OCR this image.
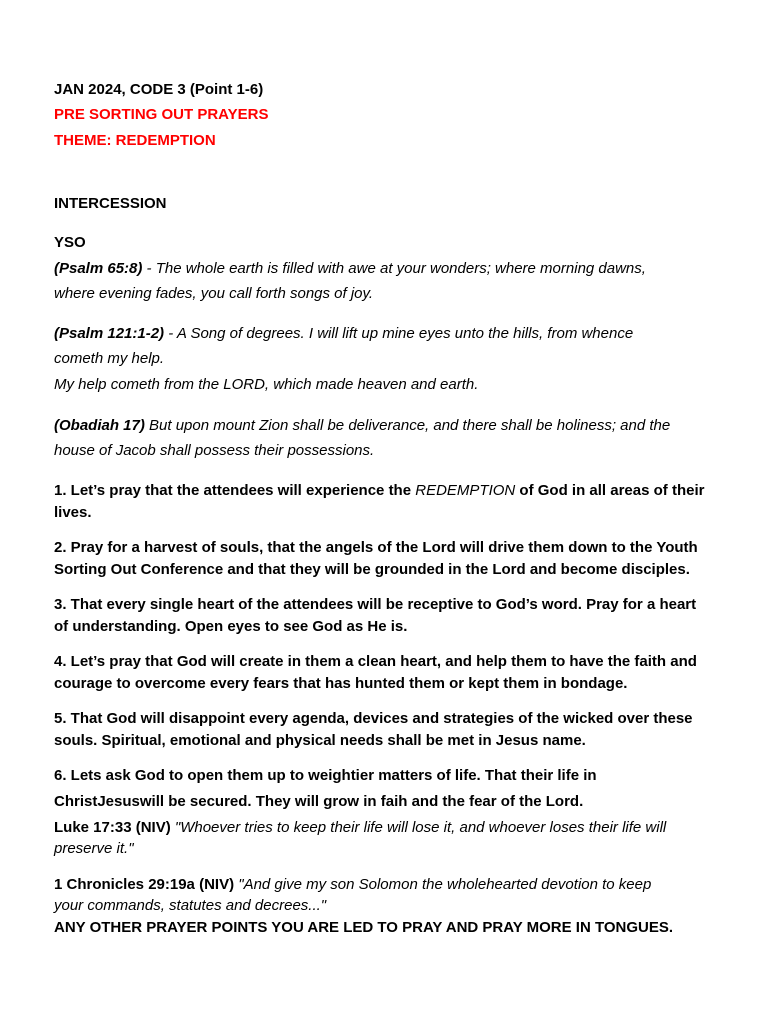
JAN 2024, CODE 3 (Point 1-6)
PRE SORTING OUT PRAYERS
THEME: REDEMPTION
INTERCESSION
YSO
(Psalm 65:8) - The whole earth is filled with awe at your wonders; where morning dawns,
where evening fades, you call forth songs of joy.
(Psalm 121:1-2) - A Song of degrees. I will lift up mine eyes unto the hills, from whence
cometh my help.
My help cometh from the LORD, which made heaven and earth.
(Obadiah 17) But upon mount Zion shall be deliverance, and there shall be holiness; and the
house of Jacob shall possess their possessions.
1. Let’s pray that the attendees will experience the REDEMPTION of God in all areas of their
lives.
2. Pray for a harvest of souls, that the angels of the Lord will drive them down to the Youth
Sorting Out Conference and that they will be grounded in the Lord and become disciples.
3. That every single heart of the attendees will be receptive to God’s word. Pray for a heart
of understanding. Open eyes to see God as He is.
4. Let’s pray that God will create in them a clean heart, and help them to have the faith and
courage to overcome every fears that has hunted them or kept them in bondage.
5. That God will disappoint every agenda, devices and strategies of the wicked over these
souls. Spiritual, emotional and physical needs shall be met in Jesus name.
6. Lets ask God to open them up to weightier matters of life. That their life in
ChristJesuswill be secured. They will grow in faih and the fear of the Lord.
Luke 17:33 (NIV) "Whoever tries to keep their life will lose it, and whoever loses their life will
preserve it."
1 Chronicles 29:19a (NIV) "And give my son Solomon the wholehearted devotion to keep
your commands, statutes and decrees..."
ANY OTHER PRAYER POINTS YOU ARE LED TO PRAY AND PRAY MORE IN TONGUES.
